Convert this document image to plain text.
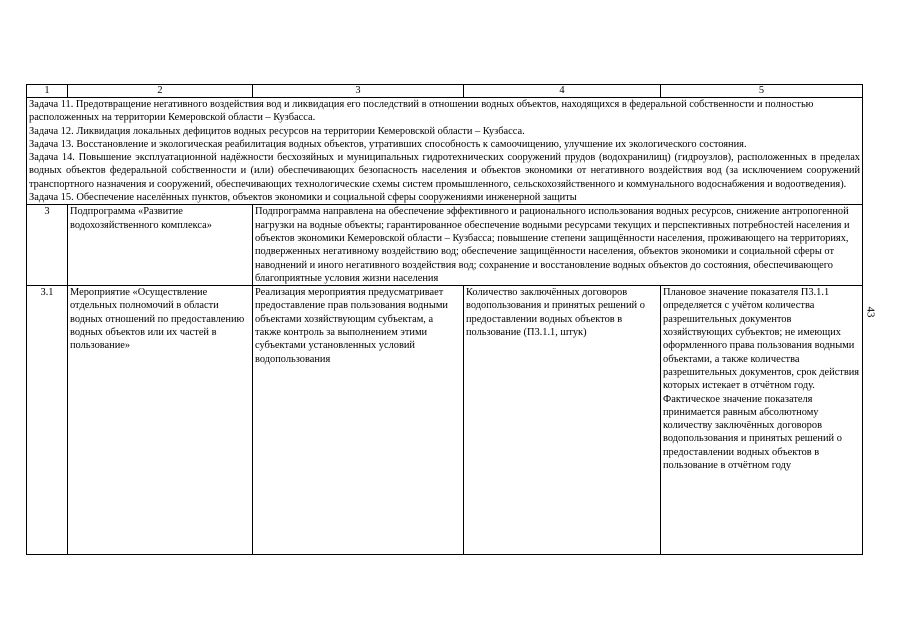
1	2	3	4	5

Задача 11. Предотвращение негативного воздействия вод и ликвидация его последствий в отношении водных объектов, находящихся в федеральной собственности и полностью расположенных на территории Кемеровской области – Кузбасса.

Задача 12. Ликвидация локальных дефицитов водных ресурсов на территории Кемеровской области – Кузбасса.

Задача 13. Восстановление и экологическая реабилитация водных объектов, утративших способность к самоочищению, улучшение их экологического состояния.

Задача 14. Повышение эксплуатационной надёжности бесхозяйных и муниципальных гидротехнических сооружений прудов (водохранилищ) (гидроузлов), расположенных в пределах водных объектов федеральной собственности и (или) обеспечивающих безопасность населения и объектов экономики от негативного воздействия вод (за исключением сооружений транспортного назначения и сооружений, обеспечивающих технологические схемы систем промышленного, сельскохозяйственного и коммунального водоснабжения и водоотведения).

Задача 15. Обеспечение населённых пунктов, объектов экономики и социальной сферы сооружениями инженерной защиты				

3	Подпрограмма «Развитие водохозяйственного комплекса»	Подпрограмма направлена на обеспечение эффективного и рационального использования водных ресурсов, снижение антропогенной нагрузки на водные объекты; гарантированное обеспечение водными ресурсами текущих и перспективных потребностей населения и объектов экономики Кемеровской области – Кузбасса; повышение степени защищённости населения, проживающего на территориях, подверженных негативному воздействию вод; обеспечение защищённости населения, объектов экономики и социальной сферы от наводнений и иного негативного воздействия вод; сохранение и восстановление водных объектов до состояния, обеспечивающего благоприятные условия жизни населения		
3.1	Мероприятие «Осуществление отдельных полномочий в области водных отношений по предоставлению водных объектов или их частей в пользование»	Реализация мероприятия предусматривает предоставление прав пользования водными объектами хозяйствующим субъектам, а также контроль за выполнением этими субъектами установленных условий водопользования	Количество заключённых договоров водопользования и принятых решений о предоставлении водных объектов в пользование (П3.1.1, штук)	Плановое значение показателя П3.1.1 определяется с учётом количества разрешительных документов хозяйствующих субъектов; не имеющих оформленного права пользования водными объектами, а также количества разрешительных документов, срок действия которых истекает в отчётном году. Фактическое значение показателя принимается равным абсолютному количеству заключённых договоров водопользования и принятых решений о предоставлении водных объектов в пользование в отчётном году
43
